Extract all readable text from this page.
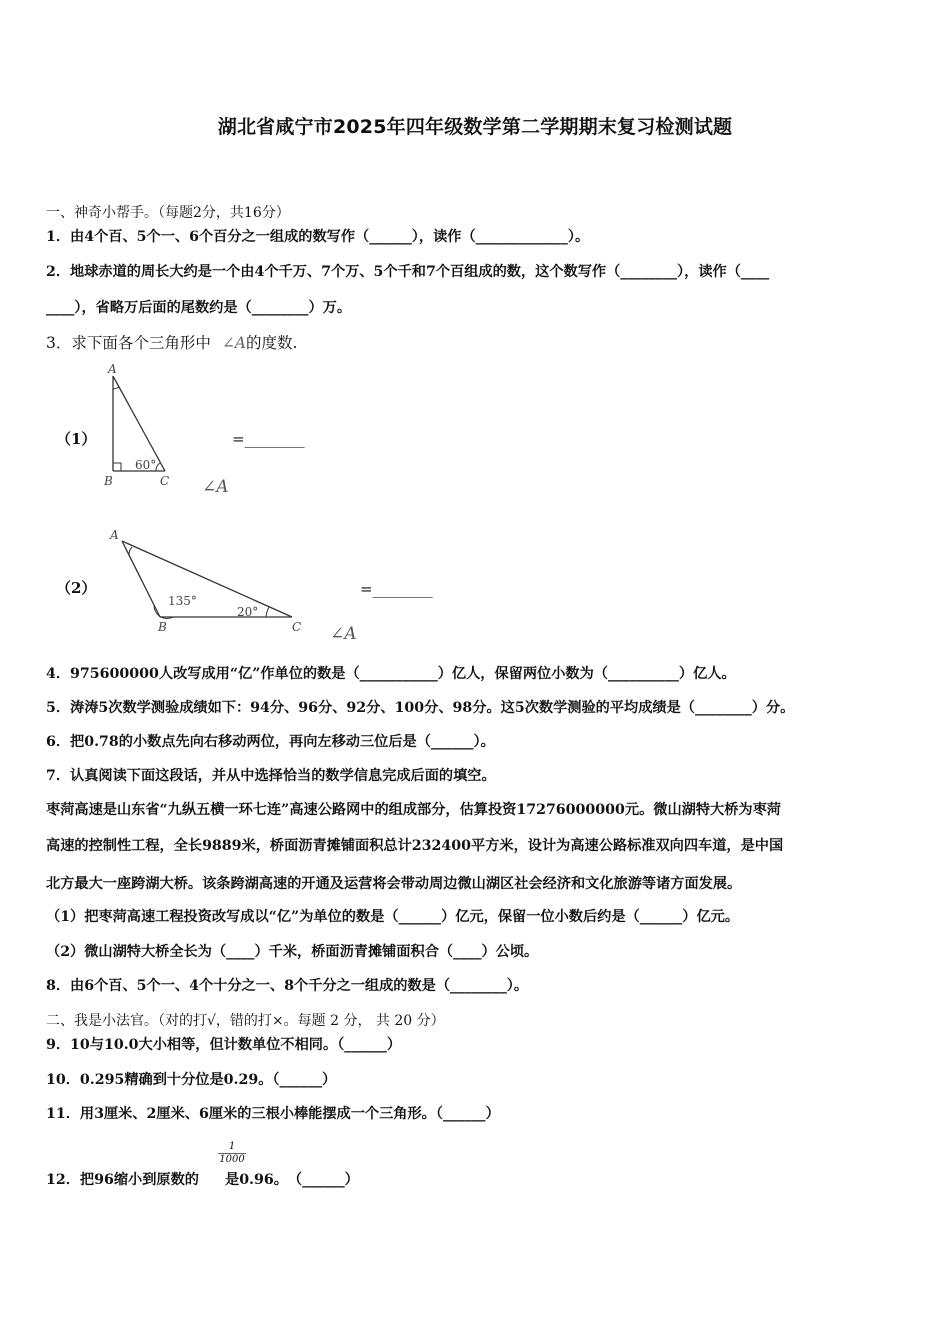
湖北省咸宁市2025年四年级数学第二学期期末复习检测试题
一、神奇小帮手。（每题2分，共16分）
1．由4个百、5个一、6个百分之一组成的数写作（______），读作（_____________）。
2．地球赤道的周长大约是一个由4个千万、7个万、5个千和7个百组成的数，这个数写作（________），读作（____
____），省略万后面的尾数约是（________）万。
3．求下面各个三角形中 ∠A的度数.
（1）
A
B	C
60°
=________
∠A
（2）
A
B	C
135°
20°
=________
∠A
4．975600000人改写成用“亿”作单位的数是（___________）亿人，保留两位小数为（__________）亿人。
5．涛涛5次数学测验成绩如下：94分、96分、92分、100分、98分。这5次数学测验的平均成绩是（________）分。
6．把0.78的小数点先向右移动两位，再向左移动三位后是（______）。
7．认真阅读下面这段话，并从中选择恰当的数学信息完成后面的填空。
枣菏高速是山东省“九纵五横一环七连”高速公路网中的组成部分，估算投资17276000000元。微山湖特大桥为枣菏
高速的控制性工程，全长9889米，桥面沥青摊铺面积总计232400平方米，设计为高速公路标准双向四车道，是中国
北方最大一座跨湖大桥。该条跨湖高速的开通及运营将会带动周边微山湖区社会经济和文化旅游等诸方面发展。
（1）把枣菏高速工程投资改写成以“亿”为单位的数是（______）亿元，保留一位小数后约是（______）亿元。
（2）微山湖特大桥全长为（____）千米，桥面沥青摊铺面积合（____）公顷。
8．由6个百、5个一、4个十分之一、8个千分之一组成的数是（________）。
二、我是小法官。（对的打√，错的打×。每题 2 分， 共 20 分）
9．10与10.0大小相等，但计数单位不相同。（______）
10．0.295精确到十分位是0.29。（______）
11．用3厘米、2厘米、6厘米的三根小棒能摆成一个三角形。（______）
12．把96缩小到原数的 是0.96。　（______）
$\frac{1}{1000}$
